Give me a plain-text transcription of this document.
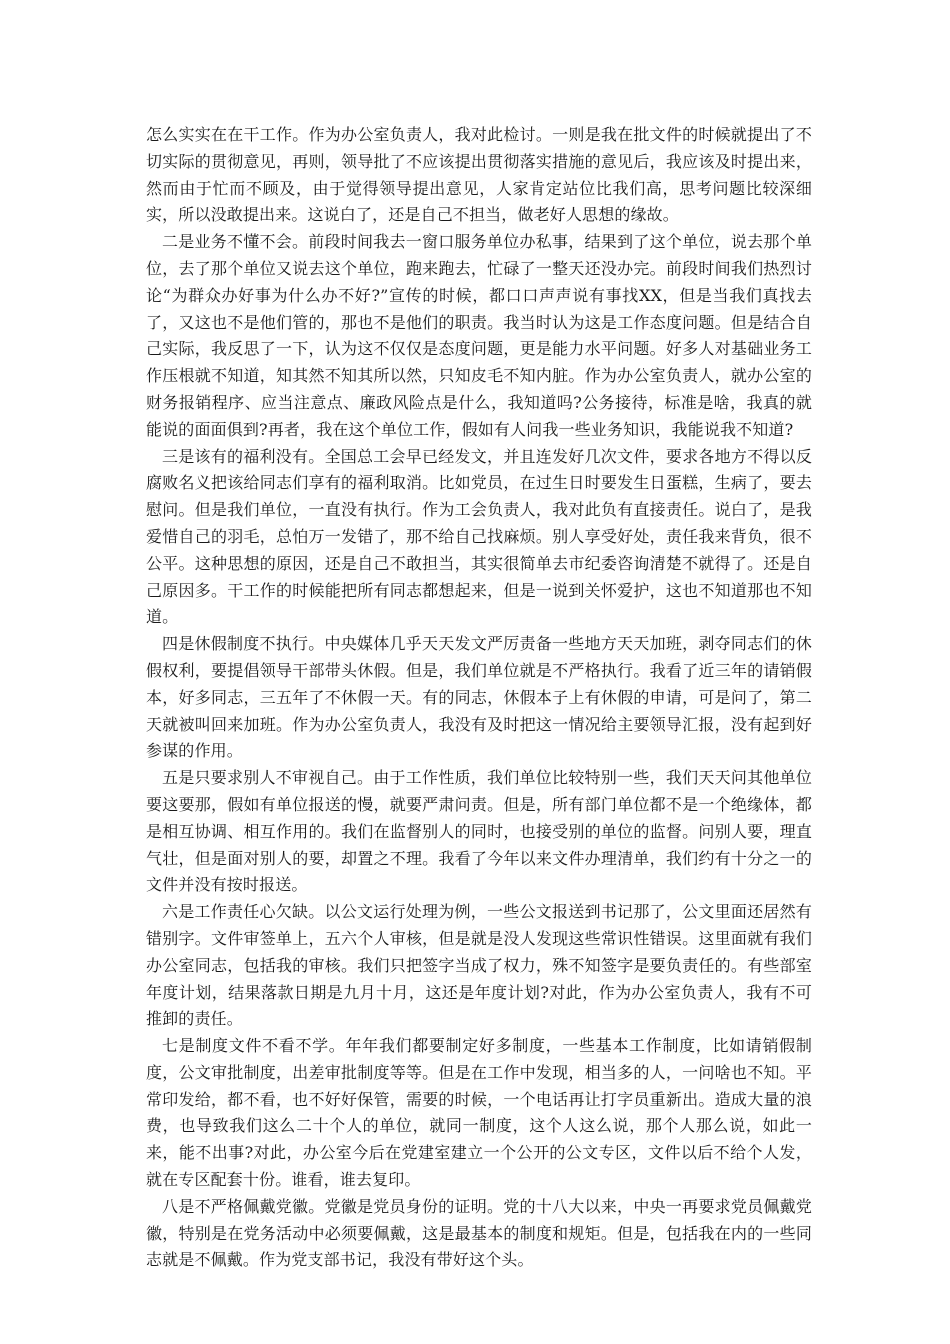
怎么实实在在干工作。作为办公室负责人，我对此检讨。一则是我在批文件的时候就提出了不切实际的贯彻意见，再则，领导批了不应该提出贯彻落实措施的意见后，我应该及时提出来，然而由于忙而不顾及，由于觉得领导提出意见，人家肯定站位比我们高，思考问题比较深细实，所以没敢提出来。这说白了，还是自己不担当，做老好人思想的缘故。

二是业务不懂不会。前段时间我去一窗口服务单位办私事，结果到了这个单位，说去那个单位，去了那个单位又说去这个单位，跑来跑去，忙碌了一整天还没办完。前段时间我们热烈讨论“为群众办好事为什么办不好?”宣传的时候，都口口声声说有事找XX，但是当我们真找去了，又这也不是他们管的，那也不是他们的职责。我当时认为这是工作态度问题。但是结合自己实际，我反思了一下，认为这不仅仅是态度问题，更是能力水平问题。好多人对基础业务工作压根就不知道，知其然不知其所以然，只知皮毛不知内脏。作为办公室负责人，就办公室的财务报销程序、应当注意点、廉政风险点是什么，我知道吗?公务接待，标准是啥，我真的就能说的面面俱到?再者，我在这个单位工作，假如有人问我一些业务知识，我能说我不知道?

三是该有的福利没有。全国总工会早已经发文，并且连发好几次文件，要求各地方不得以反腐败名义把该给同志们享有的福利取消。比如党员，在过生日时要发生日蛋糕，生病了，要去慰问。但是我们单位，一直没有执行。作为工会负责人，我对此负有直接责任。说白了，是我爱惜自己的羽毛，总怕万一发错了，那不给自己找麻烦。别人享受好处，责任我来背负，很不公平。这种思想的原因，还是自己不敢担当，其实很简单去市纪委咨询清楚不就得了。还是自己原因多。干工作的时候能把所有同志都想起来，但是一说到关怀爱护，这也不知道那也不知道。

四是休假制度不执行。中央媒体几乎天天发文严厉责备一些地方天天加班，剥夺同志们的休假权利，要提倡领导干部带头休假。但是，我们单位就是不严格执行。我看了近三年的请销假本，好多同志，三五年了不休假一天。有的同志，休假本子上有休假的申请，可是问了，第二天就被叫回来加班。作为办公室负责人，我没有及时把这一情况给主要领导汇报，没有起到好参谋的作用。

五是只要求别人不审视自己。由于工作性质，我们单位比较特别一些，我们天天问其他单位要这要那，假如有单位报送的慢，就要严肃问责。但是，所有部门单位都不是一个绝缘体，都是相互协调、相互作用的。我们在监督别人的同时，也接受别的单位的监督。问别人要，理直气壮，但是面对别人的要，却置之不理。我看了今年以来文件办理清单，我们约有十分之一的文件并没有按时报送。

六是工作责任心欠缺。以公文运行处理为例，一些公文报送到书记那了，公文里面还居然有错别字。文件审签单上，五六个人审核，但是就是没人发现这些常识性错误。这里面就有我们办公室同志，包括我的审核。我们只把签字当成了权力，殊不知签字是要负责任的。有些部室年度计划，结果落款日期是九月十月，这还是年度计划?对此，作为办公室负责人，我有不可推卸的责任。

七是制度文件不看不学。年年我们都要制定好多制度，一些基本工作制度，比如请销假制度，公文审批制度，出差审批制度等等。但是在工作中发现，相当多的人，一问啥也不知。平常印发给，都不看，也不好好保管，需要的时候，一个电话再让打字员重新出。造成大量的浪费，也导致我们这么二十个人的单位，就同一制度，这个人这么说，那个人那么说，如此一来，能不出事?对此，办公室今后在党建室建立一个公开的公文专区，文件以后不给个人发，就在专区配套十份。谁看，谁去复印。

八是不严格佩戴党徽。党徽是党员身份的证明。党的十八大以来，中央一再要求党员佩戴党徽，特别是在党务活动中必须要佩戴，这是最基本的制度和规矩。但是，包括我在内的一些同志就是不佩戴。作为党支部书记，我没有带好这个头。
